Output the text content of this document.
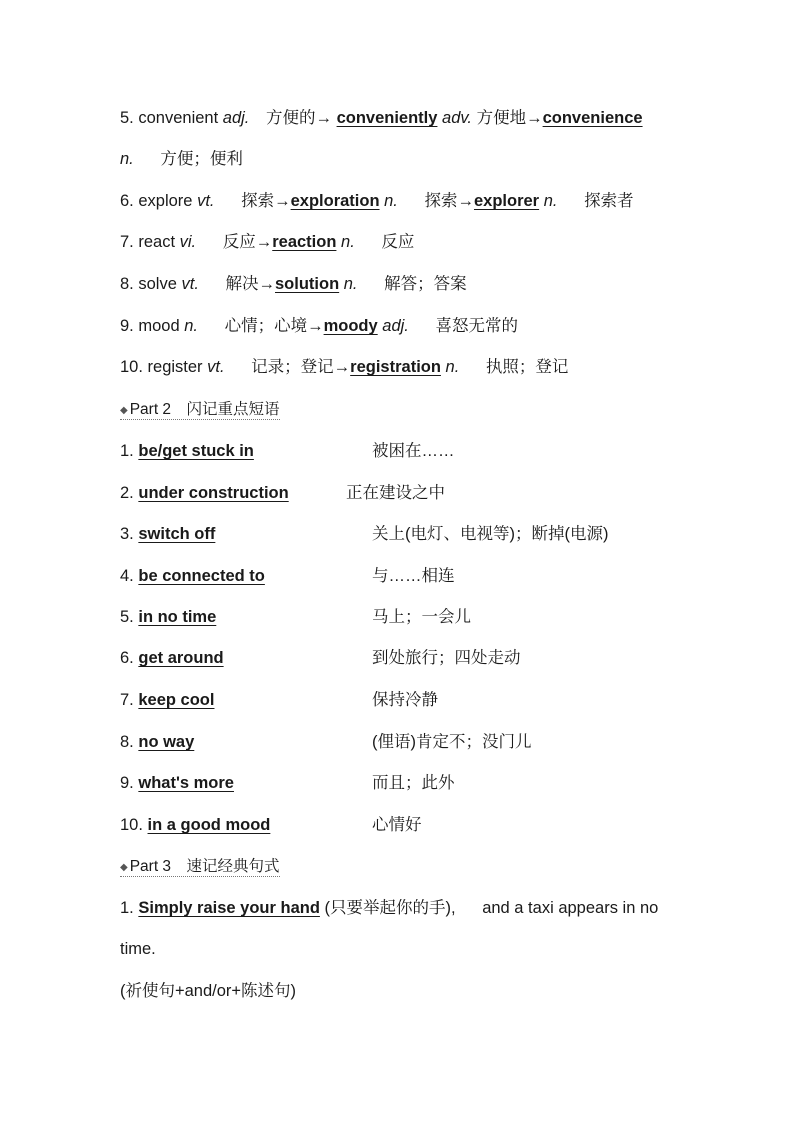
5. convenient adj. 方便的→ conveniently adv. 方便地→convenience
n. 方便；便利
6. explore vt. 探索→exploration n. 探索→explorer n. 探索者
7. react vi. 反应→reaction n. 反应
8. solve vt. 解决→solution n. 解答；答案
9. mood n. 心情；心境→moody adj. 喜怒无常的
10. register vt. 记录；登记→registration n. 执照；登记
◆ Part 2　闪记重点短语
1. be/get stuck in	被困在……
2. under construction	正在建设之中
3. switch off	关上(电灯、电视等)；断掉(电源)
4. be connected to	与……相连
5. in no time	马上；一会儿
6. get around	到处旅行；四处走动
7. keep cool	保持冷静
8. no way	(俚语)肯定不；没门儿
9. what's more	而且；此外
10. in a good mood	心情好
◆ Part 3　速记经典句式
1. Simply raise your hand (只要举起你的手), and a taxi appears in no
time.
(祈使句+and/or+陈述句)
